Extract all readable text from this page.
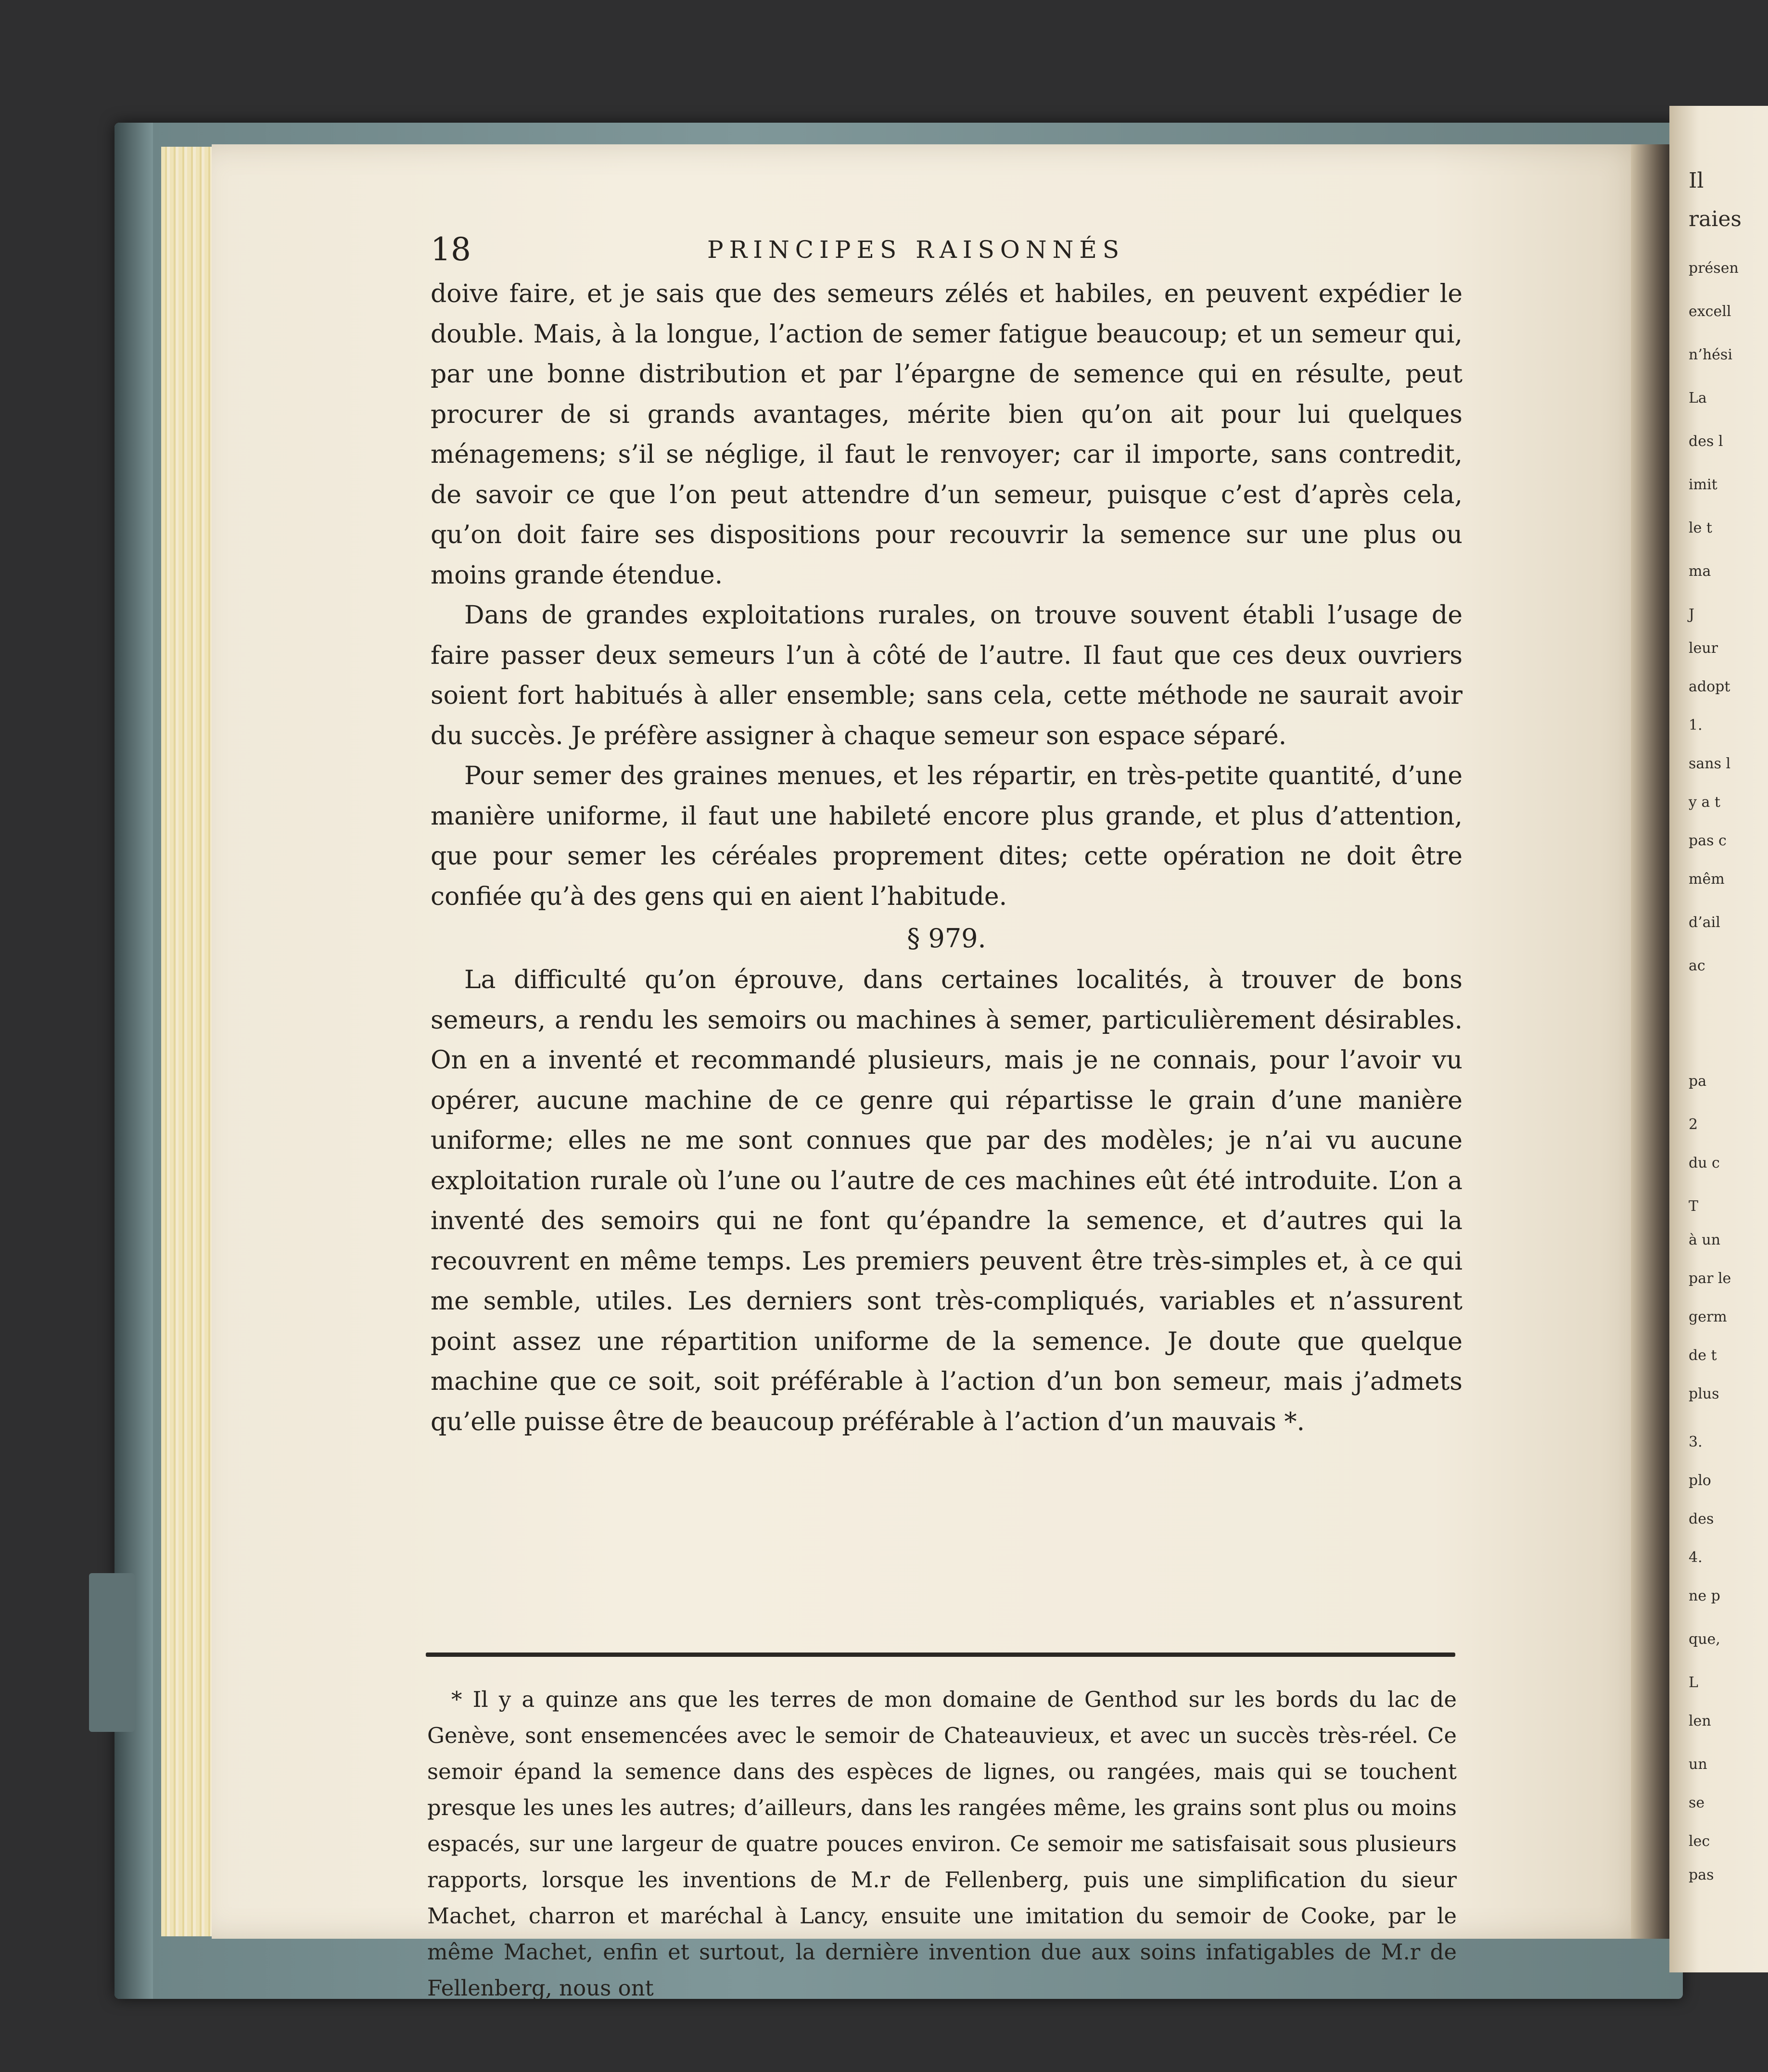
Il
raies
présen
excell
n’hési
La
des l
imit
le t
ma
J
leur
adopt
1.
sans l
y a t
pas c
mêm
d’ail
ac
pa
2
du c
T
à un
par le
germ
de t
plus
3.
plo
des
4.
ne p
que,
L
len
un
se
lec
pas
18	PRINCIPES RAISONNÉS

doive faire, et je sais que des semeurs zélés et habiles, en peuvent expédier le double. Mais, à la longue, l’action de semer fatigue beaucoup; et un semeur qui, par une bonne distribution et par l’épargne de semence qui en résulte, peut procurer de si grands avantages, mérite bien qu’on ait pour lui quelques ménagemens; s’il se néglige, il faut le renvoyer; car il importe, sans contredit, de savoir ce que l’on peut attendre d’un semeur, puisque c’est d’après cela, qu’on doit faire ses dispositions pour recouvrir la semence sur une plus ou moins grande étendue.

Dans de grandes exploitations rurales, on trouve souvent établi l’usage de faire passer deux semeurs l’un à côté de l’autre. Il faut que ces deux ouvriers soient fort habitués à aller ensemble; sans cela, cette méthode ne saurait avoir du succès. Je préfère assigner à chaque semeur son espace séparé.

Pour semer des graines menues, et les répartir, en très-petite quantité, d’une manière uniforme, il faut une habileté encore plus grande, et plus d’attention, que pour semer les céréales proprement dites; cette opération ne doit être confiée qu’à des gens qui en aient l’habitude.

§ 979.

La difficulté qu’on éprouve, dans certaines localités, à trouver de bons semeurs, a rendu les semoirs ou machines à semer, particulièrement désirables. On en a inventé et recommandé plusieurs, mais je ne connais, pour l’avoir vu opérer, aucune machine de ce genre qui répartisse le grain d’une manière uniforme; elles ne me sont connues que par des modèles; je n’ai vu aucune exploitation rurale où l’une ou l’autre de ces machines eût été introduite. L’on a inventé des semoirs qui ne font qu’épandre la semence, et d’autres qui la recouvrent en même temps. Les premiers peuvent être très-simples et, à ce qui me semble, utiles. Les derniers sont très-compliqués, variables et n’assurent point assez une répartition uniforme de la semence. Je doute que quelque machine que ce soit, soit préférable à l’action d’un bon semeur, mais j’admets qu’elle puisse être de beaucoup préférable à l’action d’un mauvais *.

* Il y a quinze ans que les terres de mon domaine de Genthod sur les bords du lac de Genève, sont ensemencées avec le semoir de Chateauvieux, et avec un succès très-réel. Ce semoir épand la semence dans des espèces de lignes, ou rangées, mais qui se touchent presque les unes les autres; d’ailleurs, dans les rangées même, les grains sont plus ou moins espacés, sur une largeur de quatre pouces environ. Ce semoir me satisfaisait sous plusieurs rapports, lorsque les inventions de M.r de Fellenberg, puis une simplification du sieur Machet, charron et maréchal à Lancy, ensuite une imitation du semoir de Cooke, par le même Machet, enfin et surtout, la dernière invention due aux soins infatigables de M.r de Fellenberg, nous ont
